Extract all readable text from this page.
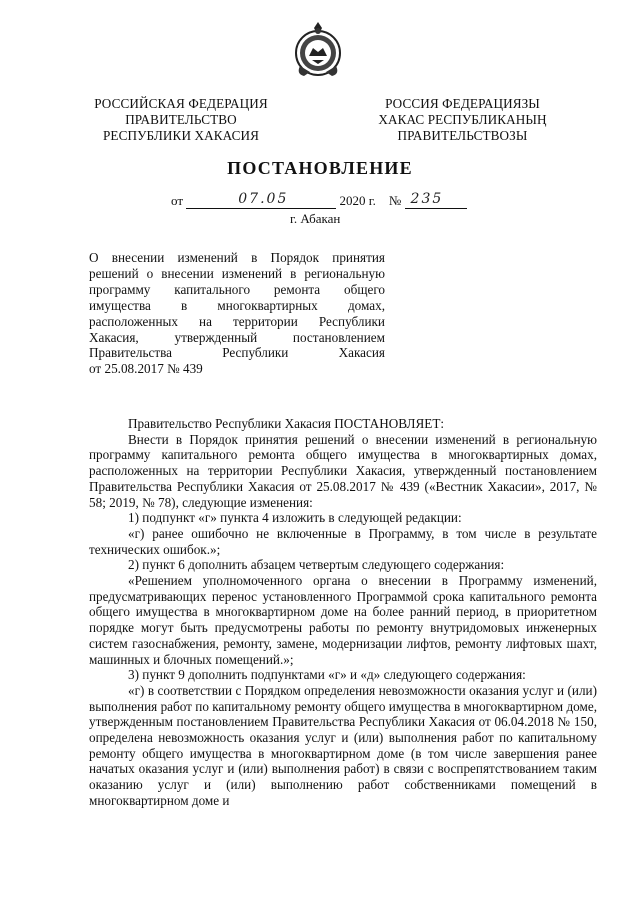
РОССИЙСКАЯ ФЕДЕРАЦИЯ
ПРАВИТЕЛЬСТВО
РЕСПУБЛИКИ ХАКАСИЯ
РОССИЯ ФЕДЕРАЦИЯЗЫ
ХАКАС РЕСПУБЛИКАНЫҢ
ПРАВИТЕЛЬСТВОЗЫ
ПОСТАНОВЛЕНИЕ
от	07.05	2020 г. № 235
г. Абакан
О внесении изменений в Порядок принятия
решений о внесении изменений в региональную
программу капитального ремонта общего
имущества в многоквартирных домах,
расположенных на территории Республики
Хакасия, утвержденный постановлением
Правительства Республики Хакасия
от 25.08.2017 № 439
Правительство Республики Хакасия ПОСТАНОВЛЯЕТ:
Внести в Порядок принятия решений о внесении изменений в региональную программу капитального ремонта общего имущества в многоквартирных домах, расположенных на территории Республики Хакасия, утвержденный постановлением Правительства Республики Хакасия от 25.08.2017 № 439 («Вестник Хакасии», 2017, № 58; 2019, № 78), следующие изменения:
1) подпункт «г» пункта 4 изложить в следующей редакции:
«г) ранее ошибочно не включенные в Программу, в том числе в результате технических ошибок.»;
2) пункт 6 дополнить абзацем четвертым следующего содержания:
«Решением уполномоченного органа о внесении в Программу изменений, предусматривающих перенос установленного Программой срока капитального ремонта общего имущества в многоквартирном доме на более ранний период, в приоритетном порядке могут быть предусмотрены работы по ремонту внутридомовых инженерных систем газоснабжения, ремонту, замене, модернизации лифтов, ремонту лифтовых шахт, машинных и блочных помещений.»;
3) пункт 9 дополнить подпунктами «г» и «д» следующего содержания:
«г) в соответствии с Порядком определения невозможности оказания услуг и (или) выполнения работ по капитальному ремонту общего имущества в многоквартирном доме, утвержденным постановлением Правительства Республики Хакасия от 06.04.2018 № 150, определена невозможность оказания услуг и (или) выполнения работ по капитальному ремонту общего имущества в многоквартирном доме (в том числе завершения ранее начатых оказания услуг и (или) выполнения работ) в связи с воспрепятствованием таким оказанию услуг и (или) выполнению работ собственниками помещений в многоквартирном доме и
